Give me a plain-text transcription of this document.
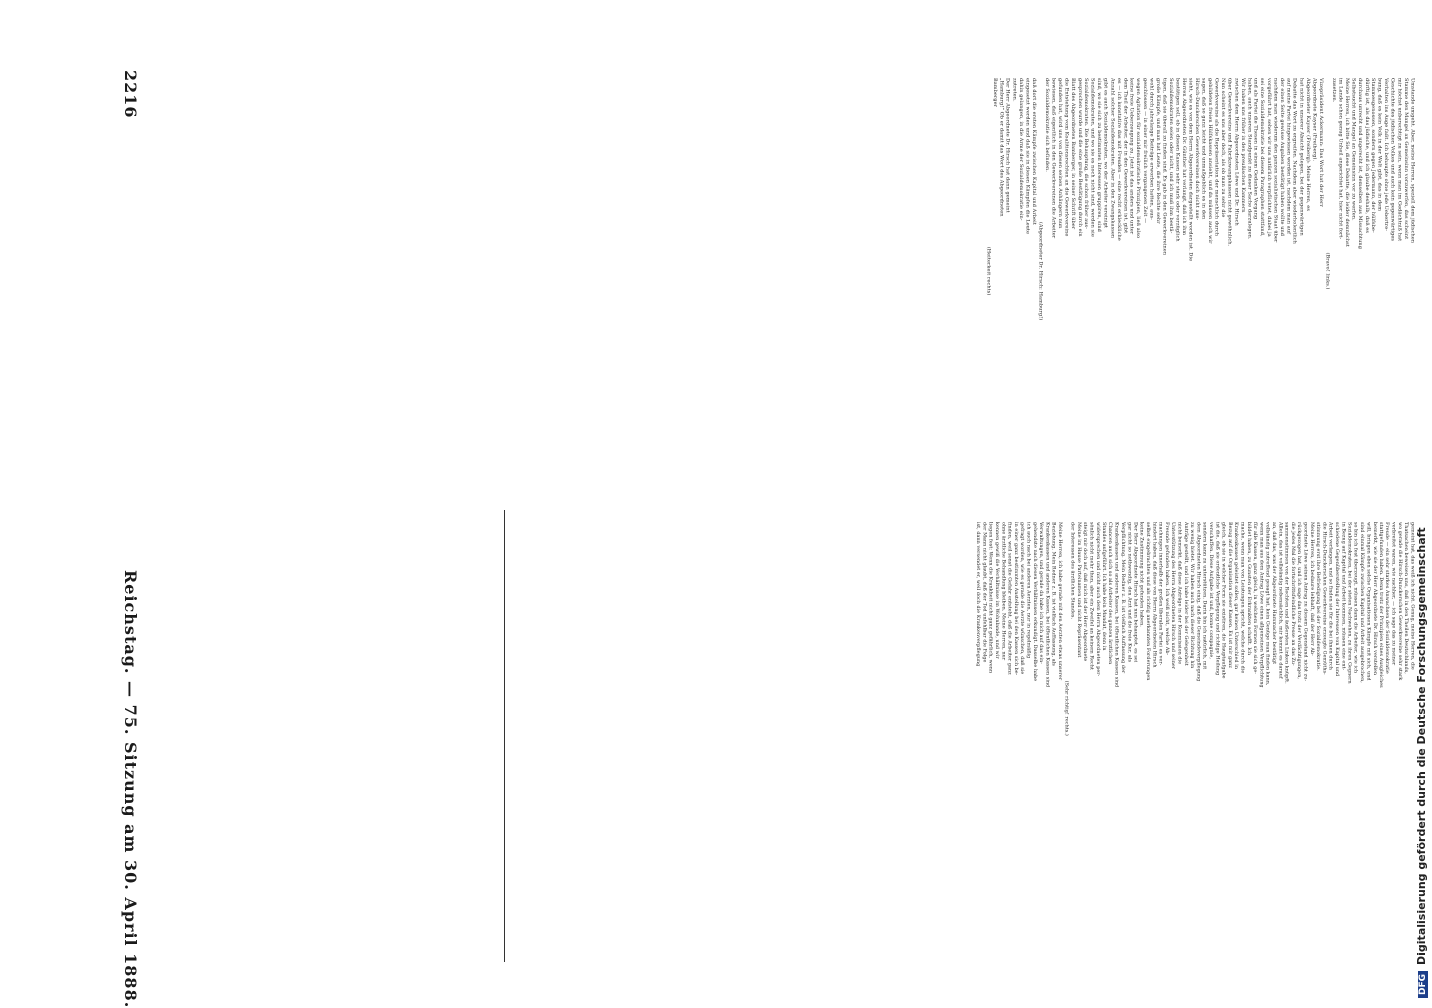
2216
Reichstag. — 75. Sitzung am 30. April 1888.
Umstande umgeht. Aber, meine Herren, speziell dem jüdischen
Stamme den Mangel an Gemeinsinn vorzuwerfen, das scheint
mir höchst unberechtigt zu sein, wenn man im Gedächtniß hat
Geschichte des jüdischen Volkes und auch kein gegenwärtiges
Verhalten ins Auge faßt. Ich behaupte ohne jede Uebertre-
bung, daß es kein Volk in der Welt gibt, das in dem
Stammesgenossen, sondern gegen Jedermann, der hülfsbe-
dürftig ist, als das jüdische, und ich glaube deshalb, daß es
durchaus unrecht und ungerecht ist, demselben aus Missachtung
Selbstsucht und Mangel an Gemeinsinn vor zu werfen.
Meine Herren, ich bitte Sie, diese Debatte, die leider demnächst
im Lande schon genug Unheil angerichtet hat, hier nicht fort-
zusetzen.
(Bravo! links.)
Vizepräsident Ackermann: Das Wort hat der Herr
Abgeordnete Kayser (Freiberg).
Abgeordneter Kayser (Freiberg): Meine Herren, es
hat nicht in unserer Absicht gelegen, bei der gegenwärtigen
Debatte das Wort zu ergreifen. Nachdem aber wiederholentlich
auf meine Partei hingewiesen worden ist, nachdem man auf
der einen Seite gewisse Angaben bestätigt haben wollte und
nachdem man wiederum den ganzen sozialistischen Staat über
vorgeführt hat, sehen wir uns natürlich verpflichtet, dabei ja
sei eine Sozialdemokratie bei diesem Paragraphen stattfand,
und als Partei die Thesen in einem Gedanken Vorgang
haben, auch unseren Standpunkt zu dieser Sache darzulegen.
Wir haben uns früher in den preußischen Kammern
zwischen dem Herrn Abgeordneten Löwe und Dr. Hirsch
über Gewerkvereine und Fabrikzwangskassen nicht gewöhnlich.
Nun scheint es uns aber doch, als ob man zu sehr die
Gewerkvereine als die Repräsentation der menschlich durch
gebildeten freien Hülfskassen ansieht, und da müssen auch wir
sagen, daß so ganz leicht und unmaßgeblich es in den
Hirsch-Dunckerschen Gewerkvereinen doch nicht aus-
sieht, wie es von dem Herrn Abgeordneten dargestellt worden ist. Die
Herren Abgeordneten Dr. Günther hat verlangt, daß ich ihm
bestätigen soll, ob in diesen Kassen sehr stark oder vorzüglich
Sozialdemokraten seien oder nicht, und ich muß ihm bestä-
tigen, daß sie überall zu finden sind. Es gab in den Gewerkvereinen
große Kämpfe, und man hat Leute, die ihre Rechte sehr
wohl durch jahrelange Beiträge erworben hatten, aus-
geschlossen — in einer mir freilich vergangenen Zeit —
wegen Agitation für sozialdemokratische Prinzipien, ließ also
keine freie Ueberzeugung zu. Jetzt ist das anders und unter
dem Theil der Arbeiter, der in den Gewerkvereinen ist, gibt
es — ich konstatire das mit Freuden — eine recht erkleckliche
Anzahl solcher Sozialdemokraten. Aber in den Zwangskassen
gibt es auch Sozialdemokraten, wo der Arbeiter vereinigt
sind, wo sie sich zu bestimmten Interessen gruppiren, sind
Sozialdemokraten, und wo sie es noch nicht sind, werden sie
Sozialdemokraten. Die Behauptung, die schon früher aus-
gesprochen wurde und die eine große Bestätigung durch ein
Blatt des Abgeordneten Bamberger, in seiner Schrift über
die Entstehung vom Koalitionsrechten an die Gewerkvereine
gefunden hat, wird uns von diesen seinen Anhängern nun
bewiesen, daß eigentlich in den Gewerkvereinen die Arbeiter
der Sozialdemokratie sich befinden.
(Abgeordneter Dr. Hirsch: Hamburg!)
daß dort die ersten Kämpfe zwischen Kapital und Arbeit
eingesetzt werden und daß sie in diesen Kämpfen die Leute
dahin gelangen, in die Arme der Sozialdemokratie ein-
zutreten.
Der Herr Abgeordnete Dr. Hirsch hat dann gemeint
„Hamburg!“ Ob er damit das Wort des Abgeordneten
Bamberger
(Heiterkeit rechts)
gemeint hat, das weiß ich nicht. Genug, meine Herren, die
Thatsachen beweisen uns, daß in den Theilen Deutschlands,
wo gerade die Hirsch-Dunckerschen Gewerkvereine sehr stark
verbreitet waren, wie nachher, — ich sage das zu meiner
Freude — ein sehr starkes Anwachsen der Sozialdemokratie
stattgefunden haben. Denn trotz der Prinzipien eines Ausgleiches
bemerkt, wie sie der Herr Abgeordnete Dr. Hirsch verstellen
will, bringen eben solche Organisationen Kämpfe mit sich, und
sind einmal Kämpfe zwischen Kapital und Arbeit ausgebrochen,
so bin ich fest überzeugt, müssen dann die Arbeiter, wie ich
Sozialdemokraten, bei der steten Nachwehen, zu ihren Gegnern
in Bezug auf Kapital und Arbeit kommen, müssen eine ent-
schiedene Gegenüberstellung der Interessen von Kapital und
Arbeit verlangen, und so finden sie für die bei ihnen durch
die Hirsch-Dunckerschen Gewerkvereine erzeugte Gemüths-
stimmung erst ihre Befriedigung bei der Sozialdemokratie.
Meine Herren, ich bedaure lebhaft, daß der Herr Ab-
geordnete Löwe seinen Antrag zu diesem Gegenstand nicht zu-
rückgezogen hat, und ich sage das trotz der Verdächtigungen,
die jedes Mal die fortschrittsfeindliche Presse an das Zu-
sammenstimmen von der Rechten und äußersten Linken knüpft.
Allein, das ist vollständig nebensächlich, mir kommt es darauf
an, daß das, was der Abgeordnete Hammacher bestätigt
vollständig zutreffend gesagt hat, kein Genüge man finden kann,
wenn man aus dem Antrag Löwe einen allgemeinen Verpflichtung
für alle Kassen, ganz gleich, in welchem Formen sie sich ge-
bildet haben, zu Gunsten der Erkrankten schafft. Ich
mache, wenn man von Leistungen spricht, welche durch die
Krankenkassen geleistet sollen, gar keinen Unterschied in
Bezug auf die Organisation dieser Kassen. Es ist mir ganz
gleich, ob sie in welcher Form sie existiren, die Hauptaufgabe
ist die, daß sie ordentliche Verpflegung und richtige Heilung
verschaffen. Diese Aufgabe ist und, bonne compagnie,
sondern kann zu unterstützen. Darin bin ich natürlich, mit
dem Abgeordneten Hirsch einig, daß die Gemeindeverpflegung
zu wenig bietet. Wir haben auch nach dieser Richtung hin
Anträge gestellt, und ich habe leider bei der Gelegenheit
nicht bemerkt, daß diese Anträge in der Kommission die
Unterstützung des Herrn Abgeordneten Hirsch und seiner
Freunde gefunden haben. Ich weiß nicht, welche Ab-
machungen innerhalb der großen liberalen Partei es ver-
hindert haben, daß diese von Herrn Abgeordneten Hirsch
selbst eingebrachten und als richtig anerkannten Forderungen
keine Zustimmung nicht gefunden haben.
Der Herr Abgeordnete Hirsch hat nun behauptet, es sei
gar nicht so nothwendig, den Arzt und die freie Kur, als
Verpflichtung. Mein Redner z. B. ist vielfach Auffassung der
Krankenkassen und anderen Kassen, bei öffentlichen Kassen sind
Chancen auch sich so als Arbeiter des ganzen ärztlichen
Standes aufgeführt. Ich habe kein Mandat, denn in
widersprechen und nicht auch dem Herrn Abgeordneten per-
sönlich nicht mehr thun, aber ein Zweifel an keinem Recht
steigt mir doch auf, daß mich ist der Herr Abgeordnete
Meine im Hause Parteinamen und nicht Repräsentant
der Interessen des ärztlichen Standes.
(Sehr richtig! rechts.)
Meine Herren, ich habe gerade mit den Aerzten etwas unserer
Beziehung. Mein Redner z. B. ist vielfach Auffassung, als
Krankenkassen und anderen Kassen, bei öffentlichen Kassen sind
Verwaltungen, und gerade da habe ich mich auf das ein-
gehendste nach diesen Verhältnissen erkundigt. Dasselbe habe
ich auch nach bei anderen Aerzten, nur in regelmäßig
gefragt worden, wie es gerade die Aerzte wünschen, daß sie
in einer ganz bestimmten Anstellung bei den Kassen sich be-
finden, weil sonst die Gefahr entsteht, daß die Arbeiter ganz
ohne ärztliche Behandlung bleiben. Meine Herren, nur
kennen gewiß die Verhältnisse im Wohnlande, und wir
liegen fest: Wenn die Krankheit nicht ganz gefährlich, wenn
der Mann nicht glaubt, daß der Tod unfehlbar die Folge
ist, dann versendet er, weil doch die Krankenverpflegung
DFGDigitalisierung gefördert durch die Deutsche Forschungsgemeinschaft
